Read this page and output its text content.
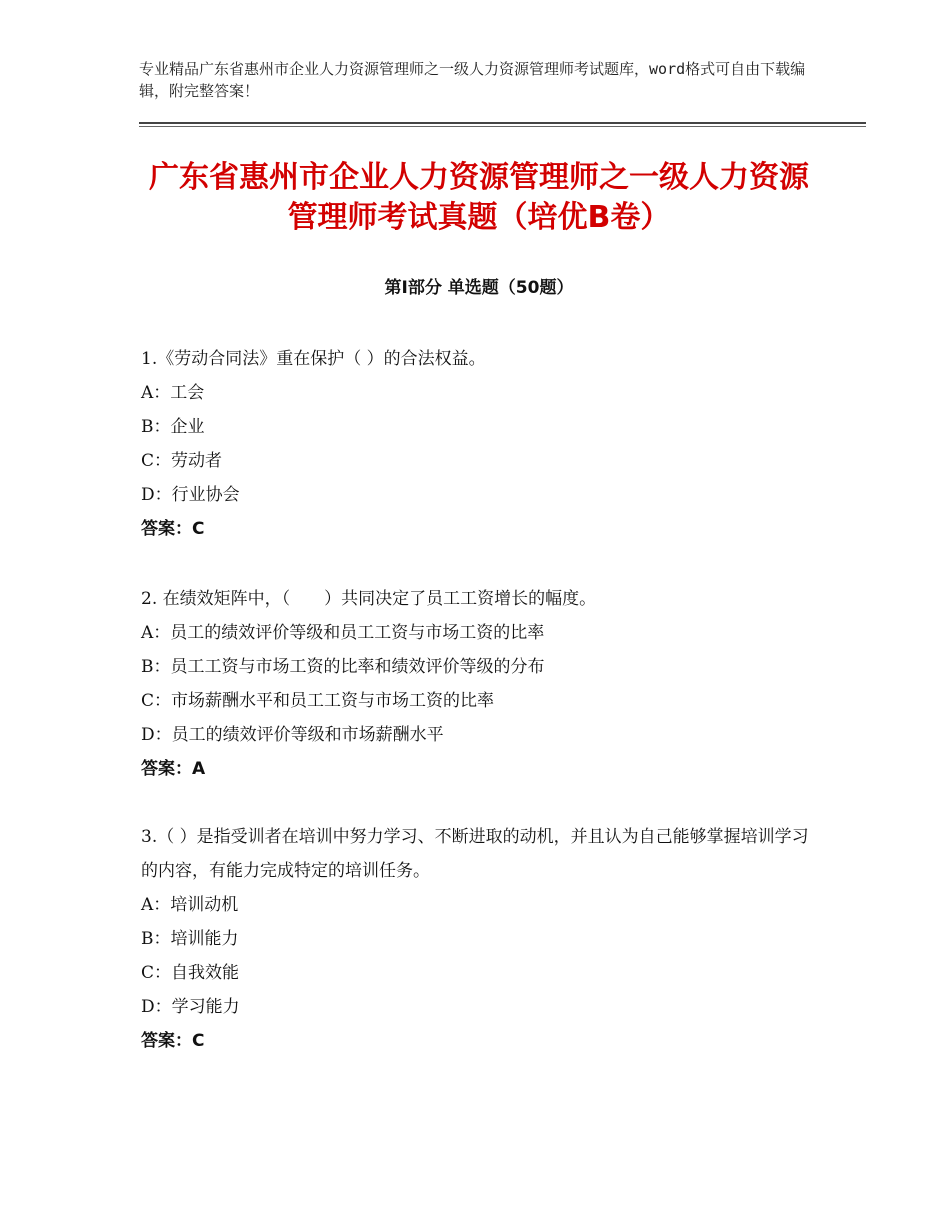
专业精品广东省惠州市企业人力资源管理师之一级人力资源管理师考试题库，word格式可自由下载编辑，附完整答案！
广东省惠州市企业人力资源管理师之一级人力资源管理师考试真题（培优B卷）
第Ⅰ部分 单选题（50题）

1.《劳动合同法》重在保护（ ）的合法权益。

A：工会

B：企业

C：劳动者

D：行业协会

答案：C

2. 在绩效矩阵中，（　　）共同决定了员工工资增长的幅度。

A：员工的绩效评价等级和员工工资与市场工资的比率

B：员工工资与市场工资的比率和绩效评价等级的分布

C：市场薪酬水平和员工工资与市场工资的比率

D：员工的绩效评价等级和市场薪酬水平

答案：A

3.（ ）是指受训者在培训中努力学习、不断进取的动机，并且认为自己能够掌握培训学习的内容，有能力完成特定的培训任务。

A：培训动机

B：培训能力

C：自我效能

D：学习能力

答案：C
